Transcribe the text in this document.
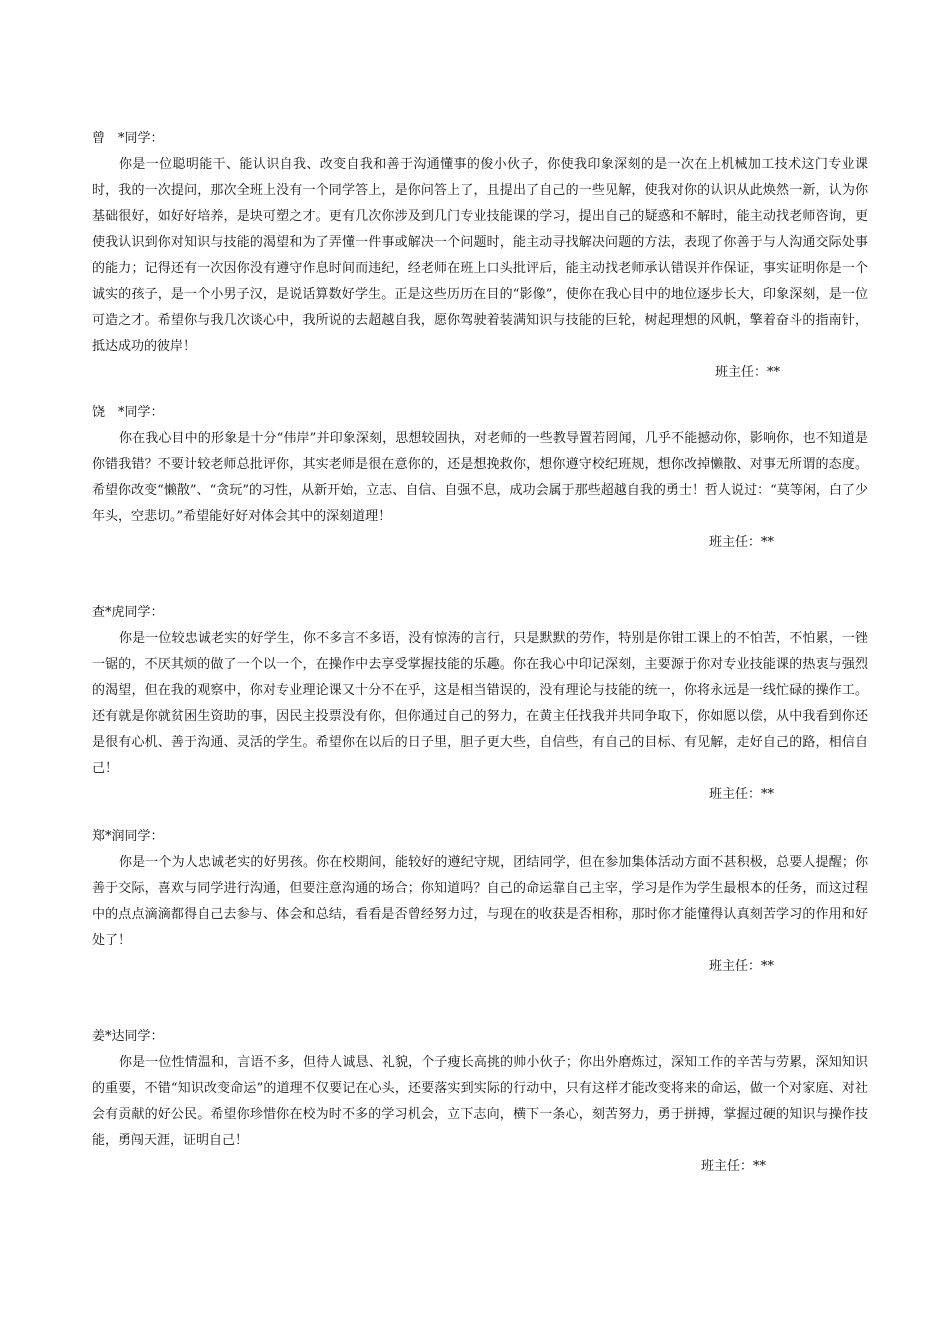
曾　*同学：

你是一位聪明能干、能认识自我、改变自我和善于沟通懂事的俊小伙子，你使我印象深刻的是一次在上机械加工技术这门专业课时，我的一次提问，那次全班上没有一个同学答上，是你问答上了，且提出了自己的一些见解，使我对你的认识从此焕然一新，认为你基础很好，如好好培养，是块可塑之才。更有几次你涉及到几门专业技能课的学习，提出自己的疑惑和不解时，能主动找老师咨询，更使我认识到你对知识与技能的渴望和为了弄懂一件事或解决一个问题时，能主动寻找解决问题的方法，表现了你善于与人沟通交际处事的能力；记得还有一次因你没有遵守作息时间而违纪，经老师在班上口头批评后，能主动找老师承认错误并作保证，事实证明你是一个诚实的孩子，是一个小男子汉，是说话算数好学生。正是这些历历在目的“影像”，使你在我心目中的地位逐步长大，印象深刻，是一位可造之才。希望你与我几次谈心中，我所说的去超越自我，愿你驾驶着装满知识与技能的巨轮，树起理想的风帆，擎着奋斗的指南针，抵达成功的彼岸！

班主任：**

饶　*同学：

你在我心目中的形象是十分“伟岸”并印象深刻，思想较固执，对老师的一些教导置若罔闻，几乎不能撼动你，影响你，也不知道是你错我错？不要计较老师总批评你，其实老师是很在意你的，还是想挽救你，想你遵守校纪班规，想你改掉懒散、对事无所谓的态度。希望你改变“懒散”、“贪玩”的习性，从新开始，立志、自信、自强不息，成功会属于那些超越自我的勇士！哲人说过：“莫等闲，白了少年头，空悲切。”希望能好好对体会其中的深刻道理！

班主任：**

查*虎同学：

你是一位较忠诚老实的好学生，你不多言不多语，没有惊涛的言行，只是默默的劳作，特别是你钳工课上的不怕苦，不怕累，一锉一锯的，不厌其烦的做了一个以一个，在操作中去享受掌握技能的乐趣。你在我心中印记深刻，主要源于你对专业技能课的热衷与强烈的渴望，但在我的观察中，你对专业理论课又十分不在乎，这是相当错误的，没有理论与技能的统一，你将永远是一线忙碌的操作工。还有就是你就贫困生资助的事，因民主投票没有你，但你通过自己的努力，在黄主任找我并共同争取下，你如愿以偿，从中我看到你还是很有心机、善于沟通、灵活的学生。希望你在以后的日子里，胆子更大些，自信些，有自己的目标、有见解，走好自己的路，相信自己！

班主任：**

郑*润同学：

你是一个为人忠诚老实的好男孩。你在校期间，能较好的遵纪守规，团结同学，但在参加集体活动方面不甚积极，总要人提醒；你善于交际，喜欢与同学进行沟通，但要注意沟通的场合；你知道吗？自己的命运靠自己主宰，学习是作为学生最根本的任务，而这过程中的点点滴滴都得自己去参与、体会和总结，看看是否曾经努力过，与现在的收获是否相称，那时你才能懂得认真刻苦学习的作用和好处了！

班主任：**

姜*达同学：

你是一位性情温和，言语不多，但待人诚恳、礼貌，个子瘦长高挑的帅小伙子；你出外磨炼过，深知工作的辛苦与劳累，深知知识的重要，不错“知识改变命运”的道理不仅要记在心头，还要落实到实际的行动中，只有这样才能改变将来的命运，做一个对家庭、对社会有贡献的好公民。希望你珍惜你在校为时不多的学习机会，立下志向，横下一条心，刻苦努力，勇于拼搏，掌握过硬的知识与操作技能，勇闯天涯，证明自己！

班主任：**
